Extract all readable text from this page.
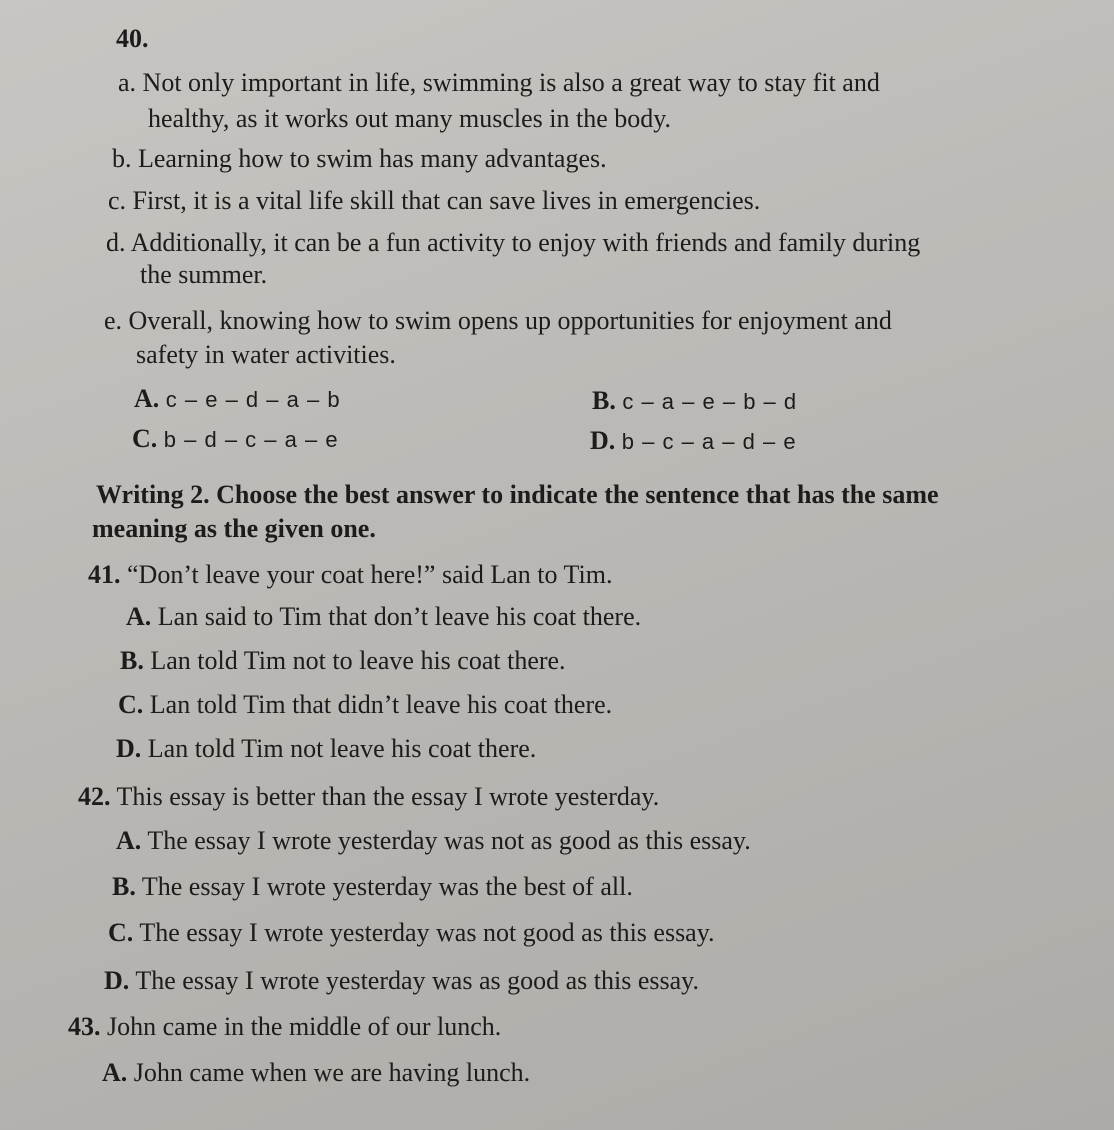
40.
a. Not only important in life, swimming is also a great way to stay fit and
healthy, as it works out many muscles in the body.
b. Learning how to swim has many advantages.
c. First, it is a vital life skill that can save lives in emergencies.
d. Additionally, it can be a fun activity to enjoy with friends and family during
the summer.
e. Overall, knowing how to swim opens up opportunities for enjoyment and
safety in water activities.
A. c – e – d – a – b	B. c – a – e – b – d
C. b – d – c – a – e	D. b – c – a – d – e
Writing 2. Choose the best answer to indicate the sentence that has the same
meaning as the given one.
41. “Don’t leave your coat here!” said Lan to Tim.
A. Lan said to Tim that don’t leave his coat there.
B. Lan told Tim not to leave his coat there.
C. Lan told Tim that didn’t leave his coat there.
D. Lan told Tim not leave his coat there.
42. This essay is better than the essay I wrote yesterday.
A. The essay I wrote yesterday was not as good as this essay.
B. The essay I wrote yesterday was the best of all.
C. The essay I wrote yesterday was not good as this essay.
D. The essay I wrote yesterday was as good as this essay.
43. John came in the middle of our lunch.
A. John came when we are having lunch.
